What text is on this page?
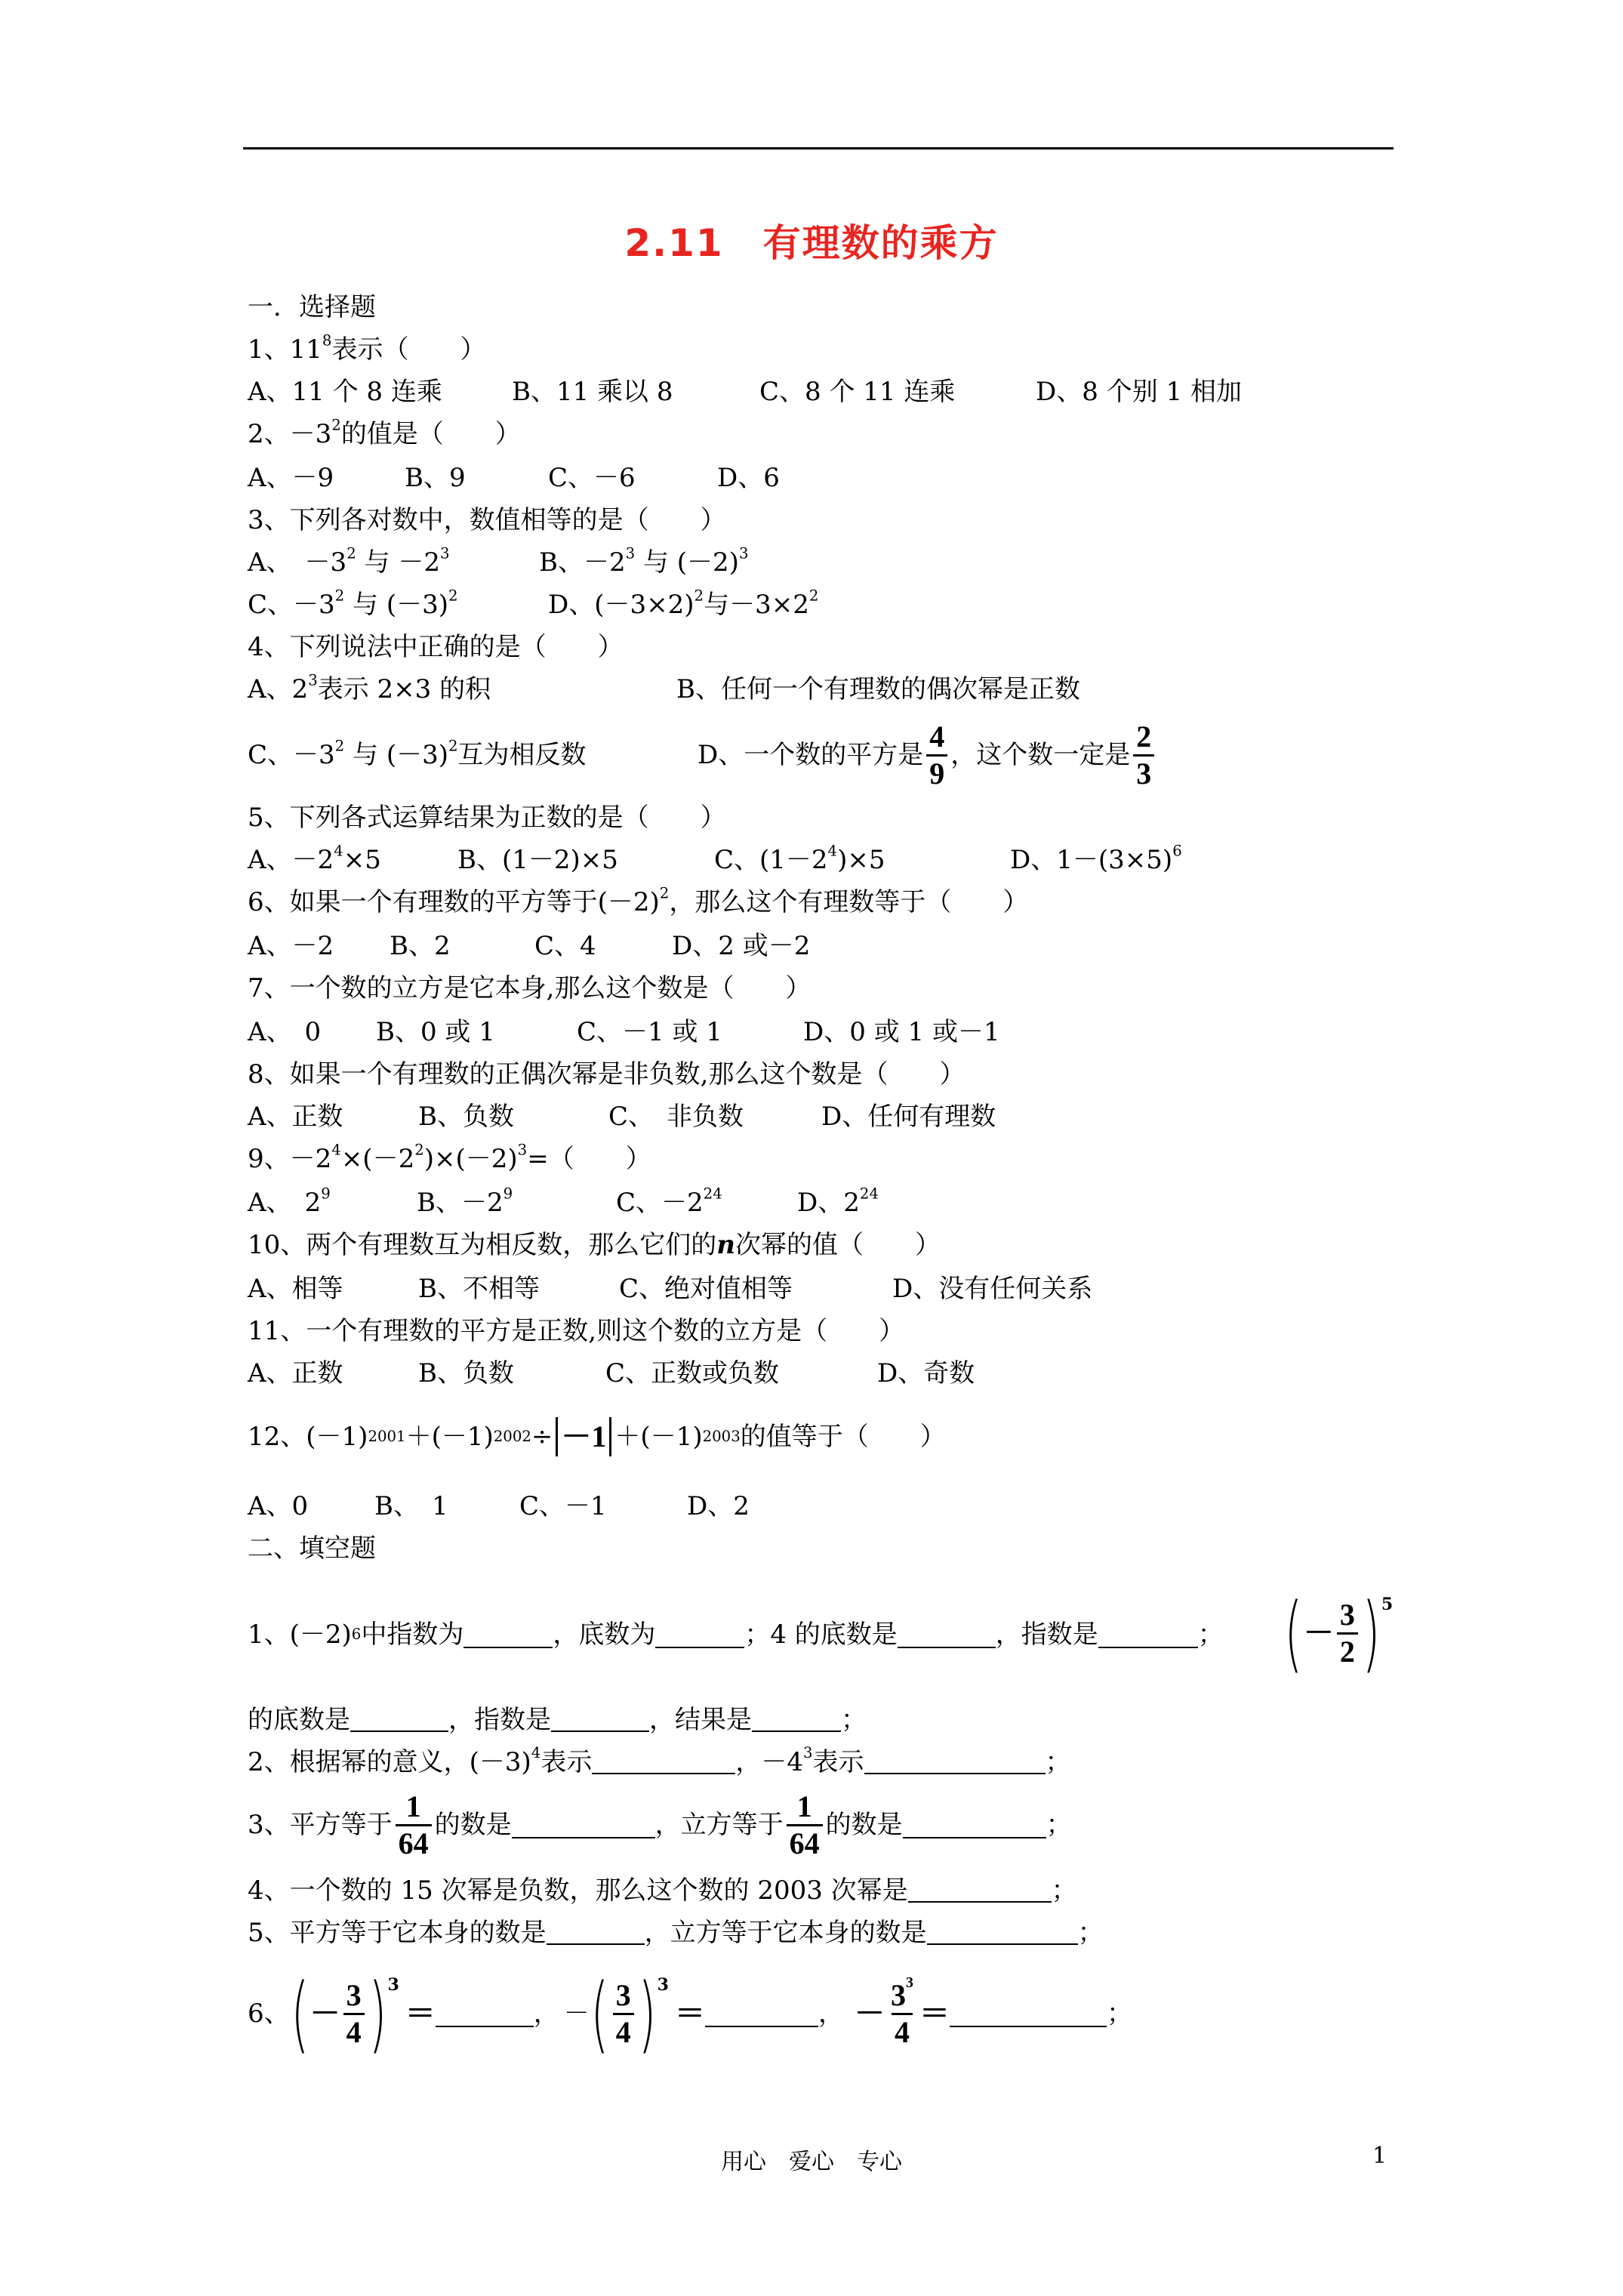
2.11　有理数的乘方
一．选择题
1、$11^8$表示（　　）
A、11 个 8 连乘	B、11 乘以 8	C、8 个 11 连乘	D、8 个别 1 相加
2、$-3^2$的值是（　　）
A、－9	B、9	C、－6	D、6
3、下列各对数中，数值相等的是（　　）
A、　$-3^2$ 与 $-2^3$	B、$-2^3$ 与 $(-2)^3$
C、$-3^2$ 与 $(-3)^2$	D、$(-3\times 2)^2$与$-3\times 2^2$
4、下列说法中正确的是（　　）
A、$2^3$表示 2×3 的积	B、任何一个有理数的偶次幂是正数
C、$-3^2$ 与 $(-3)^2$互为相反数	D、一个数的平方是 $\frac{4}{9}$ ，这个数一定是 $\frac{2}{3}$
5、下列各式运算结果为正数的是（　　）
A、$-2^4\times 5$	B、(1－2)×5	C、$(1-2^4)\times 5$	D、$1-(3\times 5)^6$
6、如果一个有理数的平方等于$(-2)^2$，那么这个有理数等于（　　）
A、－2 B、2	C、4	D、2 或－2
7、一个数的立方是它本身,那么这个数是（　　）
A、　0 B、0 或 1	C、－1 或 1	D、0 或 1 或－1
8、如果一个有理数的正偶次幂是非负数,那么这个数是（　　）
A、正数	B、负数	C、　非负数	D、任何有理数
9、$-2^4\times(-2^2)\times(-2)^3=$（　　）
A、　$2^9$	B、$-2^9$	C、$-2^{24}$	D、$2^{24}$
10、两个有理数互为相反数，那么它们的n次幂的值（　　）
A、相等	B、不相等	C、绝对值相等	D、没有任何关系
11、一个有理数的平方是正数,则这个数的立方是（　　）
A、正数	B、负数	C、正数或负数	D、奇数
12、(－1) 2001 ＋(－1) 2002 ÷ －1 ＋(－1) 2003 的值等于（　　）
A、0	B、　1	C、－1	D、2
二、填空题
1、(－2) 6 中指数为	，底数为	；4 的底数是	，指数是	； ( － $\frac{3}{2}$ ) 5
的底数是	，指数是	，结果是	；
2、根据幂的意义，$(-3)^4$表示	，$-4^3$表示	；
3、平方等于 $\frac{1}{64}$ 的数是	，立方等于 $\frac{1}{64}$ 的数是	；
4、一个数的 15 次幂是负数，那么这个数的 2003 次幂是	；
5、平方等于它本身的数是	，立方等于它本身的数是	；
6、 ( － $\frac{3}{4}$ ) 3
＝	， － ( $\frac{3}{4}$ ) 3
＝	， － $\frac{3^3}{4}$ ＝	；
用心　爱心　专心	1
